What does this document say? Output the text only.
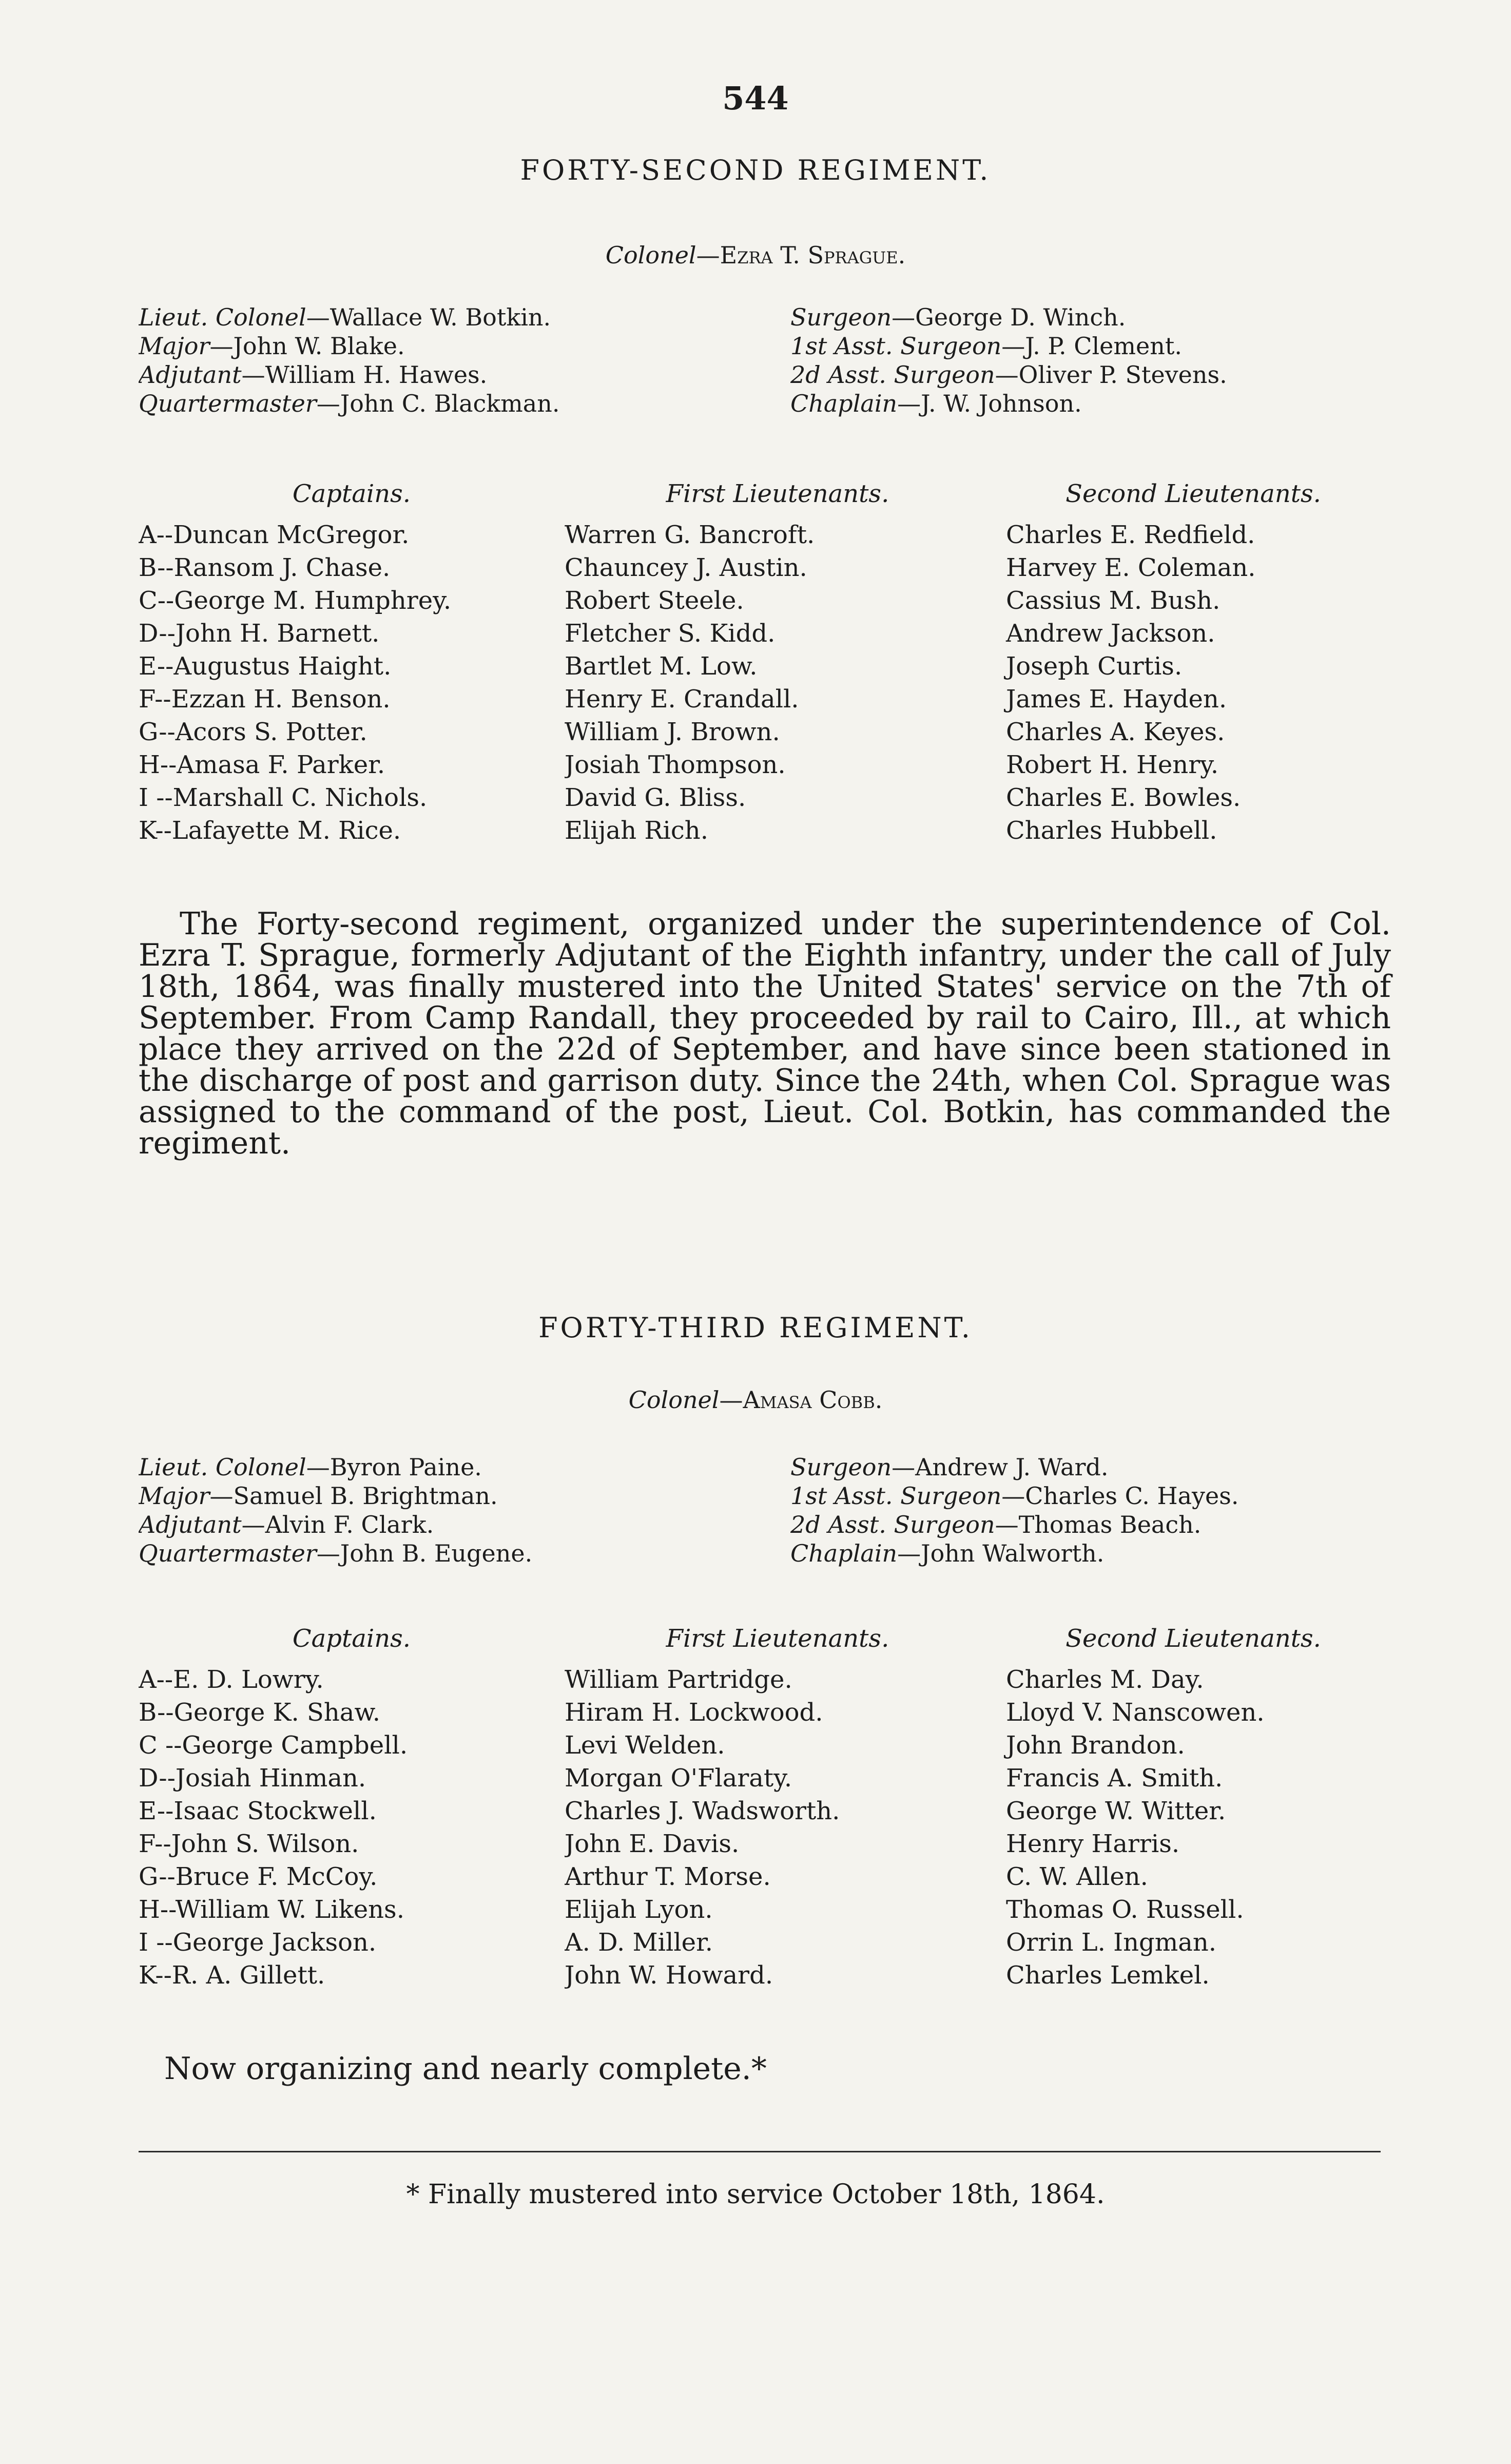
544
FORTY-SECOND REGIMENT.
Colonel—Ezra T. Sprague.
Lieut. Colonel—Wallace W. Botkin.	Surgeon—George D. Winch.
Major—John W. Blake.	1st Asst. Surgeon—J. P. Clement.
Adjutant—William H. Hawes.	2d Asst. Surgeon—Oliver P. Stevens.
Quartermaster—John C. Blackman.	Chaplain—J. W. Johnson.
Captains.	First Lieutenants.	Second Lieutenants.
A--Duncan McGregor.	Warren G. Bancroft.	Charles E. Redfield.
B--Ransom J. Chase.	Chauncey J. Austin.	Harvey E. Coleman.
C--George M. Humphrey.	Robert Steele.	Cassius M. Bush.
D--John H. Barnett.	Fletcher S. Kidd.	Andrew Jackson.
E--Augustus Haight.	Bartlet M. Low.	Joseph Curtis.
F--Ezzan H. Benson.	Henry E. Crandall.	James E. Hayden.
G--Acors S. Potter.	William J. Brown.	Charles A. Keyes.
H--Amasa F. Parker.	Josiah Thompson.	Robert H. Henry.
I --Marshall C. Nichols.	David G. Bliss.	Charles E. Bowles.
K--Lafayette M. Rice.	Elijah Rich.	Charles Hubbell.
The Forty-second regiment, organized under the superintendence of Col. Ezra T. Sprague, formerly Adjutant of the Eighth infantry, under the call of July 18th, 1864, was finally mustered into the United States' service on the 7th of September. From Camp Randall, they proceeded by rail to Cairo, Ill., at which place they arrived on the 22d of September, and have since been stationed in the discharge of post and garrison duty. Since the 24th, when Col. Sprague was assigned to the command of the post, Lieut. Col. Botkin, has commanded the regiment.
FORTY-THIRD REGIMENT.
Colonel—Amasa Cobb.
Lieut. Colonel—Byron Paine.	Surgeon—Andrew J. Ward.
Major—Samuel B. Brightman.	1st Asst. Surgeon—Charles C. Hayes.
Adjutant—Alvin F. Clark.	2d Asst. Surgeon—Thomas Beach.
Quartermaster—John B. Eugene.	Chaplain—John Walworth.
Captains.	First Lieutenants.	Second Lieutenants.
A--E. D. Lowry.	William Partridge.	Charles M. Day.
B--George K. Shaw.	Hiram H. Lockwood.	Lloyd V. Nanscowen.
C --George Campbell.	Levi Welden.	John Brandon.
D--Josiah Hinman.	Morgan O'Flaraty.	Francis A. Smith.
E--Isaac Stockwell.	Charles J. Wadsworth.	George W. Witter.
F--John S. Wilson.	John E. Davis.	Henry Harris.
G--Bruce F. McCoy.	Arthur T. Morse.	C. W. Allen.
H--William W. Likens.	Elijah Lyon.	Thomas O. Russell.
I --George Jackson.	A. D. Miller.	Orrin L. Ingman.
K--R. A. Gillett.	John W. Howard.	Charles Lemkel.
Now organizing and nearly complete.*
* Finally mustered into service October 18th, 1864.
